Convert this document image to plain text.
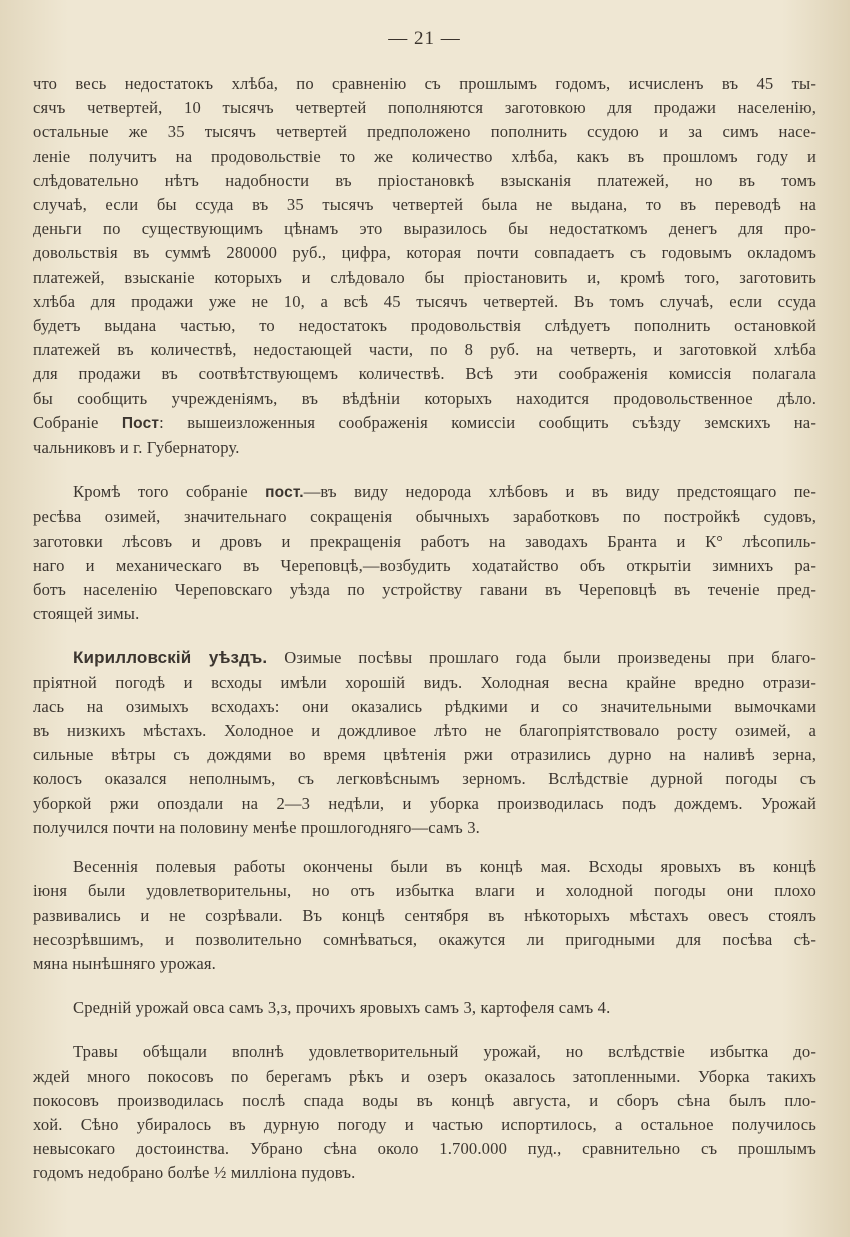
— 21 —
что весь недостатокъ хлѣба, по сравненію съ прошлымъ годомъ, исчисленъ въ 45 ты-
сячъ четвертей, 10 тысячъ четвертей пополняются заготовкою для продажи населенію,
остальные же 35 тысячъ четвертей предположено пополнить ссудою и за симъ насе-
леніе получитъ на продовольствіе то же количество хлѣба, какъ въ прошломъ году и
слѣдовательно нѣтъ надобности въ пріостановкѣ взысканія платежей, но въ томъ
случаѣ, если бы ссуда въ 35 тысячъ четвертей была не выдана, то въ переводѣ на
деньги по существующимъ цѣнамъ это выразилось бы недостаткомъ денегъ для про-
довольствія въ суммѣ 280000 руб., цифра, которая почти совпадаетъ съ годовымъ окладомъ
платежей, взысканіе которыхъ и слѣдовало бы пріостановить и, кромѣ того, заготовить
хлѣба для продажи уже не 10, а всѣ 45 тысячъ четвертей. Въ томъ случаѣ, если ссуда
будетъ выдана частью, то недостатокъ продовольствія слѣдуетъ пополнить остановкой
платежей въ количествѣ, недостающей части, по 8 руб. на четверть, и заготовкой хлѣба
для продажи въ соотвѣтствующемъ количествѣ. Всѣ эти соображенія комиссія полагала
бы сообщить учрежденіямъ, въ вѣдѣніи которыхъ находится продовольственное дѣло.
Собраніе Пост: вышеизложенныя соображенія комиссіи сообщить съѣзду земскихъ на-
чальниковъ и г. Губернатору.
Кромѣ того собраніе пост.—въ виду недорода хлѣбовъ и въ виду предстоящаго пе-
ресѣва озимей, значительнаго сокращенія обычныхъ заработковъ по постройкѣ судовъ,
заготовки лѣсовъ и дровъ и прекращенія работъ на заводахъ Бранта и К° лѣсопиль-
наго и механическаго въ Череповцѣ,—возбудить ходатайство объ открытіи зимнихъ ра-
ботъ населенію Череповскаго уѣзда по устройству гавани въ Череповцѣ въ теченіе пред-
стоящей зимы.
Кирилловскій уѣздъ. Озимые посѣвы прошлаго года были произведены при благо-
пріятной погодѣ и всходы имѣли хорошій видъ. Холодная весна крайне вредно отрази-
лась на озимыхъ всходахъ: они оказались рѣдкими и со значительными вымочками
въ низкихъ мѣстахъ. Холодное и дождливое лѣто не благопріятствовало росту озимей, а
сильные вѣтры съ дождями во время цвѣтенія ржи отразились дурно на наливѣ зерна,
колосъ оказался неполнымъ, съ легковѣснымъ зерномъ. Вслѣдствіе дурной погоды съ
уборкой ржи опоздали на 2—3 недѣли, и уборка производилась подъ дождемъ. Урожай
получился почти на половину менѣе прошлогодняго—самъ 3.
Весеннія полевыя работы окончены были въ концѣ мая. Всходы яровыхъ въ концѣ
іюня были удовлетворительны, но отъ избытка влаги и холодной погоды они плохо
развивались и не созрѣвали. Въ концѣ сентября въ нѣкоторыхъ мѣстахъ овесъ стоялъ
несозрѣвшимъ, и позволительно сомнѣваться, окажутся ли пригодными для посѣва сѣ-
мяна нынѣшняго урожая.
Средній урожай овса самъ 3,з, прочихъ яровыхъ самъ 3, картофеля самъ 4.
Травы обѣщали вполнѣ удовлетворительный урожай, но вслѣдствіе избытка до-
ждей много покосовъ по берегамъ рѣкъ и озеръ оказалось затопленными. Уборка такихъ
покосовъ производилась послѣ спада воды въ концѣ августа, и сборъ сѣна былъ пло-
хой. Сѣно убиралось въ дурную погоду и частью испортилось, а остальное получилось
невысокаго достоинства. Убрано сѣна около 1.700.000 пуд., сравнительно съ прошлымъ
годомъ недобрано болѣе ½ милліона пудовъ.
